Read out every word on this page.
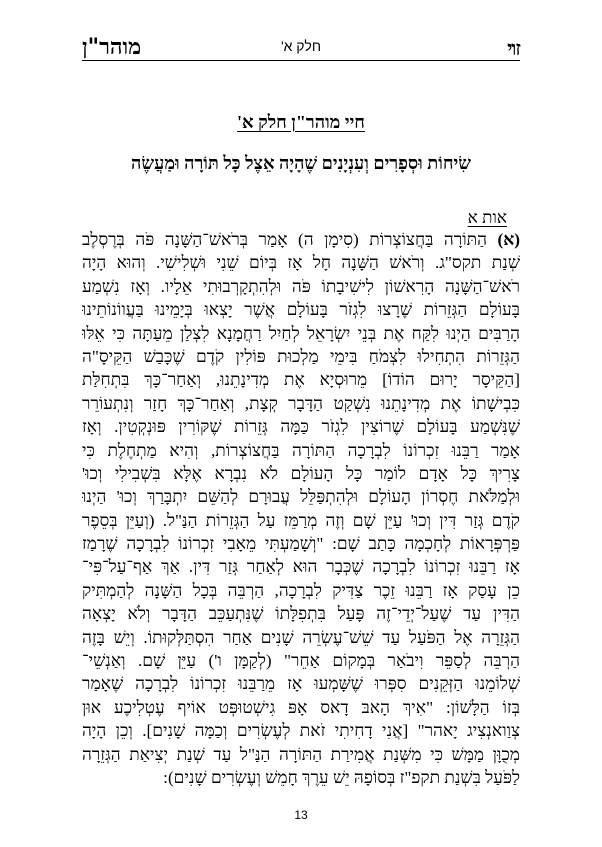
זוי
חלק א'
מוהר"ן
חיי מוהר"ן חלק א'
שִׂיחוֹת וּסְפָרִים וְעִנְיָנִים שֶׁהָיָה אֵצֶל כָּל תּוֹרָה וּמַעֲשֶׂה
אות א
(א) הַתּוֹרָה בַּחֲצוֹצְרוֹת (סִימָן ה) אָמַר בְּרֹאשׁ־הַשָּׁנָה פֹּה בְּרֶסְלֶב
שְׁנַת תקס"ג. וְרֹאשׁ הַשָּׁנָה חָל אָז בְּיוֹם שֵׁנִי וּשְׁלִישִׁי. וְהוּא הָיָה
רֹאשׁ־הַשָּׁנָה הָרִאשׁוֹן לִישִׁיבָתוֹ פֹּה וּלְהִתְקָרְבוּתִי אֵלָיו. וְאָז נִשְׁמַע
בָּעוֹלָם הַגְּזֵרוֹת שֶׁרָצוּ לִגְזֹר בָּעוֹלָם אֲשֶׁר יָצְאוּ בְּיָמֵינוּ בַּעֲווֹנוֹתֵינוּ
הָרַבִּים הַיְנוּ לִקַּח אֶת בְּנֵי יִשְׂרָאֵל לְחַיִל רַחֲמָנָא לִצְלַן מֵעַתָּה כִּי אֵלּוּ
הַגְּזֵרוֹת הִתְחִילוּ לִצְמֹחַ בִּימֵי מַלְכוּת פּוֹלִין קֹדֶם שֶׁכָּבַשׁ הַקֵּיסָ"ה
[הַקֵּיסָר יָרוּם הוֹדוֹ] מֵרוּסְיָא אֶת מְדִינָתֵנוּ, וְאַחַר־כָּךְ בִּתְחִלַּת
כִּבְישָׁתוֹ אֶת מְדִינָתֵנוּ נִשְׁקַט הַדָּבָר קְצָת, וְאַחַר־כָּךְ חָזַר וְנִתְעוֹרֵר
שֶׁנִּשְׁמַע בָּעוֹלָם שֶׁרוֹצִין לִגְזֹר כַּמָּה גְּזֵרוֹת שֶׁקּוֹרִין פּוּנְקְטִין. וְאָז
אָמַר רַבֵּנוּ זִכְרוֹנוֹ לִבְרָכָה הַתּוֹרָה בַּחֲצוֹצְרוֹת, וְהִיא מַתְחֶלֶת כִּי
צָרִיךְ כָּל אָדָם לוֹמַר כָּל הָעוֹלָם לֹא נִבְרָא אֶלָּא בִּשְׁבִילִי וְכוּ'
וּלְמַלֹּאת חֶסְרוֹן הָעוֹלָם וּלְהִתְפַּלֵּל עֲבוּרָם לְהַשֵּׁם יִתְבָּרַךְ וְכוּ' הַיְנוּ
קֹדֶם גְּזַר דִּין וְכוּ' עַיֵּן שָׁם וְזֶה מְרַמֵּז עַל הַגְּזֵרוֹת הַנַּ"ל. (וְעַיֵּן בְּסֵפֶר
פַּרְפְּרָאוֹת לְחָכְמָה כָּתַב שָׁם: "וְשָׁמַעְתִּי מֵאָבִי זִכְרוֹנוֹ לִבְרָכָה שֶׁרָמַז
אָז רַבֵּנוּ זִכְרוֹנוֹ לִבְרָכָה שֶׁכְּבָר הוּא לְאַחַר גְּזַר דִּין. אַךְ אַף־עַל־פִּי־
כֵן עָסַק אָז רַבֵּנוּ זֵכֶר צַדִּיק לִבְרָכָה, הַרְבֵּה בְּכָל הַשָּׁנָה לְהַמְתִּיק
הַדִּין עַד שֶׁעַל־יְדֵי־זֶה פָּעַל בִּתְפִלָּתוֹ שֶׁנִּתְעַכֵּב הַדָּבָר וְלֹא יָצְאָה
הַגְּזֵרָה אֶל הַפֹּעַל עַד שֵׁשׁ־עֶשְׂרֵה שָׁנִים אַחַר הִסְתַּלְּקוּתוֹ. וְיֵשׁ בָּזֶה
הַרְבֵּה לְסַפֵּר וִיבֹאַר בְּמָקוֹם אַחֵר" (לְקַמָּן ו') עַיֵּן שָׁם. וְאַנְשֵׁי־
שְׁלוֹמֵנוּ הַזְּקֵנִים סִפְּרוּ שֶׁשָּׁמְעוּ אָז מֵרַבֵּנוּ זִכְרוֹנוֹ לִבְרָכָה שֶׁאָמַר
בְּזוֹ הַלָּשׁוֹן: "אִיךְ הָאבּ דָאס אָפּ גִישְׁטוּפְּט אוֹיף עֶטְלִיכֶע אוּן
צְוַואנְצִיג יָאהר" [אֲנִי דָחִיתִי זֹאת לְעֶשְׂרִים וְכַמָּה שָׁנִים]. וְכֵן הָיָה
מְכֻוָּן מַמָּשׁ כִּי מִשְּׁנַת אֲמִירַת הַתּוֹרָה הַנַּ"ל עַד שְׁנַת יְצִיאַת הַגְּזֵרָה
לַפֹּעַל בִּשְׁנַת תקפ"ז בְּסוֹפָהּ יֵשׁ עֵרֶךְ חָמֵשׁ וְעֶשְׂרִים שָׁנִים):
13
